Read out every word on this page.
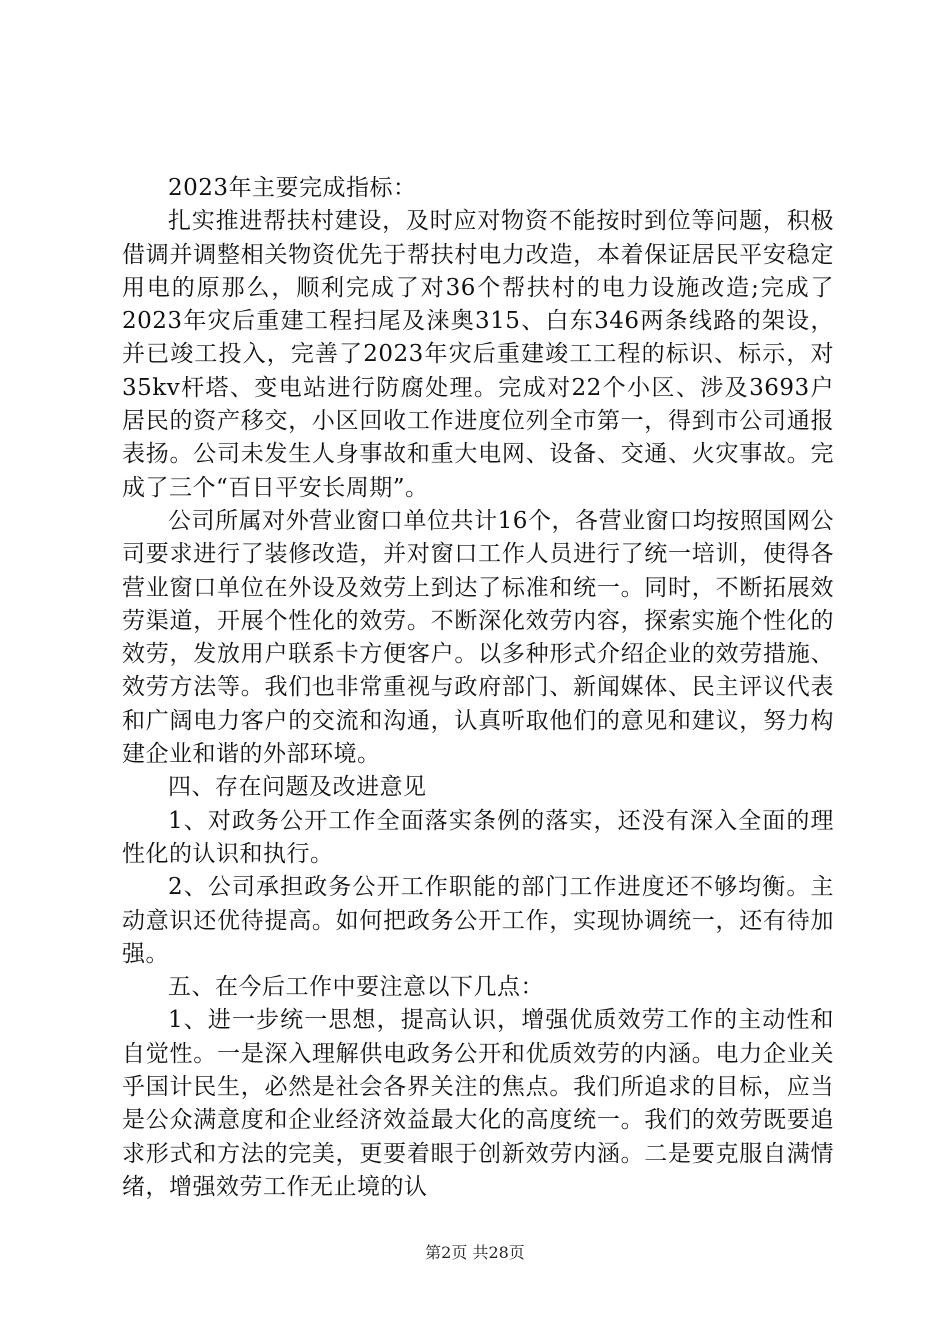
2023年主要完成指标：

扎实推进帮扶村建设，及时应对物资不能按时到位等问题，积极借调并调整相关物资优先于帮扶村电力改造，本着保证居民平安稳定用电的原那么，顺利完成了对36个帮扶村的电力设施改造;完成了2023年灾后重建工程扫尾及涞奥315、白东346两条线路的架设，并已竣工投入，完善了2023年灾后重建竣工工程的标识、标示，对35kv杆塔、变电站进行防腐处理。完成对22个小区、涉及3693户居民的资产移交，小区回收工作进度位列全市第一，得到市公司通报表扬。公司未发生人身事故和重大电网、设备、交通、火灾事故。完成了三个“百日平安长周期”。

公司所属对外营业窗口单位共计16个，各营业窗口均按照国网公司要求进行了装修改造，并对窗口工作人员进行了统一培训，使得各营业窗口单位在外设及效劳上到达了标准和统一。同时，不断拓展效劳渠道，开展个性化的效劳。不断深化效劳内容，探索实施个性化的效劳，发放用户联系卡方便客户。以多种形式介绍企业的效劳措施、效劳方法等。我们也非常重视与政府部门、新闻媒体、民主评议代表和广阔电力客户的交流和沟通，认真听取他们的意见和建议，努力构建企业和谐的外部环境。

四、存在问题及改进意见

1、对政务公开工作全面落实条例的落实，还没有深入全面的理性化的认识和执行。

2、公司承担政务公开工作职能的部门工作进度还不够均衡。主动意识还优待提高。如何把政务公开工作，实现协调统一，还有待加强。

五、在今后工作中要注意以下几点：

1、进一步统一思想，提高认识，增强优质效劳工作的主动性和自觉性。一是深入理解供电政务公开和优质效劳的内涵。电力企业关乎国计民生，必然是社会各界关注的焦点。我们所追求的目标，应当是公众满意度和企业经济效益最大化的高度统一。我们的效劳既要追求形式和方法的完美，更要着眼于创新效劳内涵。二是要克服自满情绪，增强效劳工作无止境的认

第2页 共28页
